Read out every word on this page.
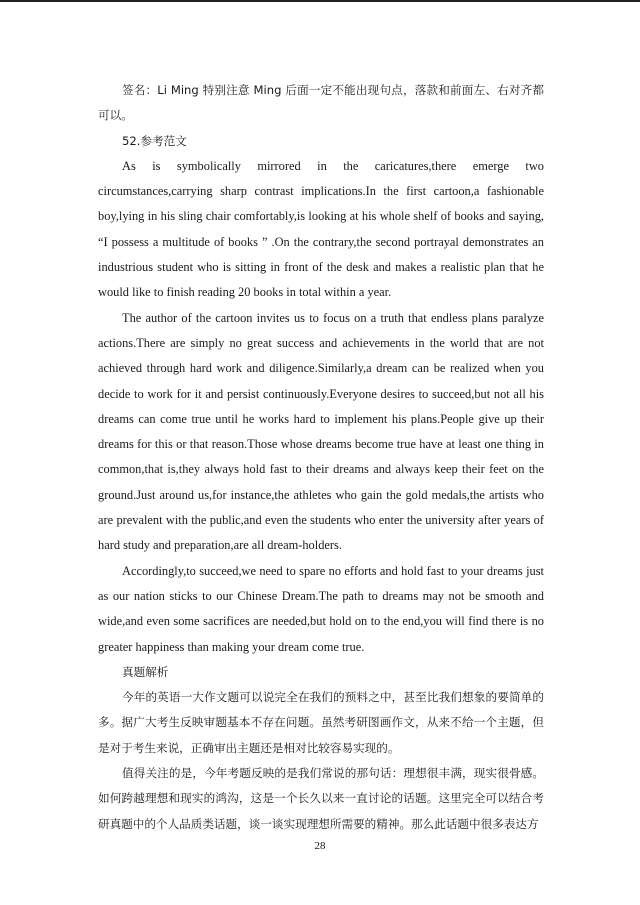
签名：Li Ming 特别注意 Ming 后面一定不能出现句点，落款和前面左、右对齐都可以。

52.参考范文

As is symbolically mirrored in the caricatures,there emerge two circumstances,carrying sharp contrast implications.In the first cartoon,a fashionable boy,lying in his sling chair comfortably,is looking at his whole shelf of books and saying, “I possess a multitude of books ” .On the contrary,the second portrayal demonstrates an industrious student who is sitting in front of the desk and makes a realistic plan that he would like to finish reading 20 books in total within a year.

The author of the cartoon invites us to focus on a truth that endless plans paralyze actions.There are simply no great success and achievements in the world that are not achieved through hard work and diligence.Similarly,a dream can be realized when you decide to work for it and persist continuously.Everyone desires to succeed,but not all his dreams can come true until he works hard to implement his plans.People give up their dreams for this or that reason.Those whose dreams become true have at least one thing in common,that is,they always hold fast to their dreams and always keep their feet on the ground.Just around us,for instance,the athletes who gain the gold medals,the artists who are prevalent with the public,and even the students who enter the university after years of hard study and preparation,are all dream-holders.

Accordingly,to succeed,we need to spare no efforts and hold fast to your dreams just as our nation sticks to our Chinese Dream.The path to dreams may not be smooth and wide,and even some sacrifices are needed,but hold on to the end,you will find there is no greater happiness than making your dream come true.

真题解析

今年的英语一大作文题可以说完全在我们的预料之中，甚至比我们想象的要简单的多。据广大考生反映审题基本不存在问题。虽然考研图画作文，从来不给一个主题，但是对于考生来说，正确审出主题还是相对比较容易实现的。

值得关注的是，今年考题反映的是我们常说的那句话：理想很丰满，现实很骨感。如何跨越理想和现实的鸿沟，这是一个长久以来一直讨论的话题。这里完全可以结合考研真题中的个人品质类话题，谈一谈实现理想所需要的精神。那么此话题中很多表达方

28
